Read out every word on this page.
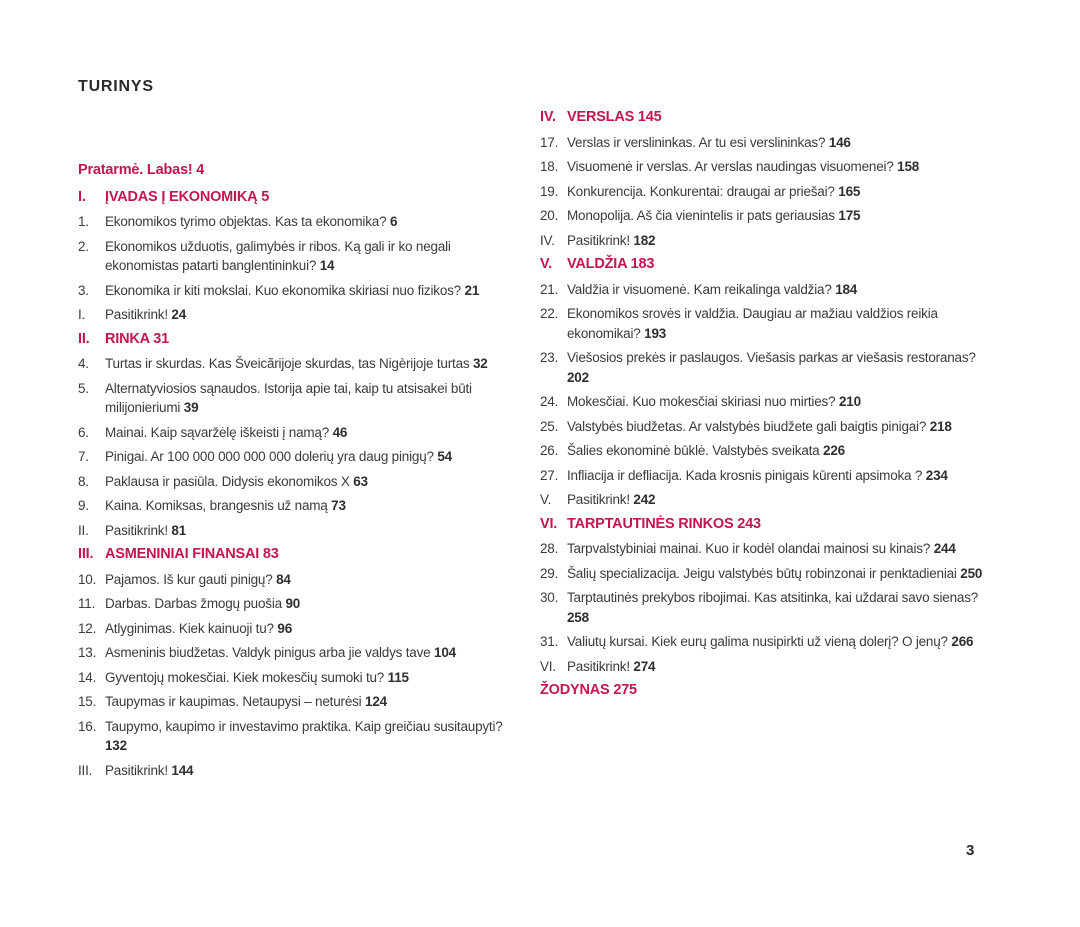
TURINYS
Pratarmė. Labas! 4
I.	ĮVADAS Į EKONOMIKĄ 5
1.	Ekonomikos tyrimo objektas. Kas ta ekonomika? 6
2.	Ekonomikos užduotis, galimybės ir ribos. Ką gali ir ko negali ekonomistas patarti banglentininkui? 14
3.	Ekonomika ir kiti mokslai. Kuo ekonomika skiriasi nuo fizikos? 21
I.	Pasitikrink! 24
II.	RINKA 31
4.	Turtas ir skurdas. Kas Šveicãrijoje skurdas, tas Nigèrijoje turtas 32
5.	Alternatyviosios sąnaudos. Istorija apie tai, kaip tu atsisakei būti milijonieriumi 39
6.	Mainai. Kaip sąvaržėlę iškeisti į namą? 46
7.	Pinigai. Ar 100 000 000 000 000 dolerių yra daug pinigų? 54
8.	Paklausa ir pasiūla. Didysis ekonomikos X 63
9.	Kaina. Komiksas, brangesnis už namą 73
II.	Pasitikrink! 81
III. ASMENINIAI FINANSAI 83
10. Pajamos. Iš kur gauti pinigų? 84
11. Darbas. Darbas žmogų puošia 90
12. Atlyginimas. Kiek kainuoji tu? 96
13. Asmeninis biudžetas. Valdyk pinigus arba jie valdys tave 104
14. Gyventojų mokesčiai. Kiek mokesčių sumoki tu? 115
15. Taupymas ir kaupimas. Netaupysi – neturėsi 124
16. Taupymo, kaupimo ir investavimo praktika. Kaip greičiau susitaupyti? 132
III. Pasitikrink! 144
IV. VERSLAS 145
17. Verslas ir verslininkas. Ar tu esi verslininkas? 146
18. Visuomenė ir verslas. Ar verslas naudingas visuomenei? 158
19. Konkurencija. Konkurentai: draugai ar priešai? 165
20. Monopolija. Aš čia vienintelis ir pats geriausias 175
IV. Pasitikrink! 182
V.	VALDŽIA 183
21. Valdžia ir visuomenė. Kam reikalinga valdžia? 184
22. Ekonomikos srovės ir valdžia. Daugiau ar mažiau valdžios reikia ekonomikai? 193
23. Viešosios prekės ir paslaugos. Viešasis parkas ar viešasis restoranas? 202
24. Mokesčiai. Kuo mokesčiai skiriasi nuo mirties? 210
25. Valstybės biudžetas. Ar valstybės biudžete gali baigtis pinigai? 218
26. Šalies ekonominė būklė. Valstybės sveikata 226
27. Infliacija ir defliacija. Kada krosnis pinigais kūrenti apsimoka ? 234
V.	Pasitikrink! 242
VI. TARPTAUTINĖS RINKOS 243
28. Tarpvalstybiniai mainai. Kuo ir kodėl olandai mainosi su kinais? 244
29. Šalių specializacija. Jeigu valstybės būtų robinzonai ir penktadieniai 250
30. Tarptautinės prekybos ribojimai. Kas atsitinka, kai uždarai savo sienas? 258
31. Valiutų kursai. Kiek eurų galima nusipirkti už vieną dolerį? O jenų? 266
VI. Pasitikrink! 274
ŽODYNAS 275
3
